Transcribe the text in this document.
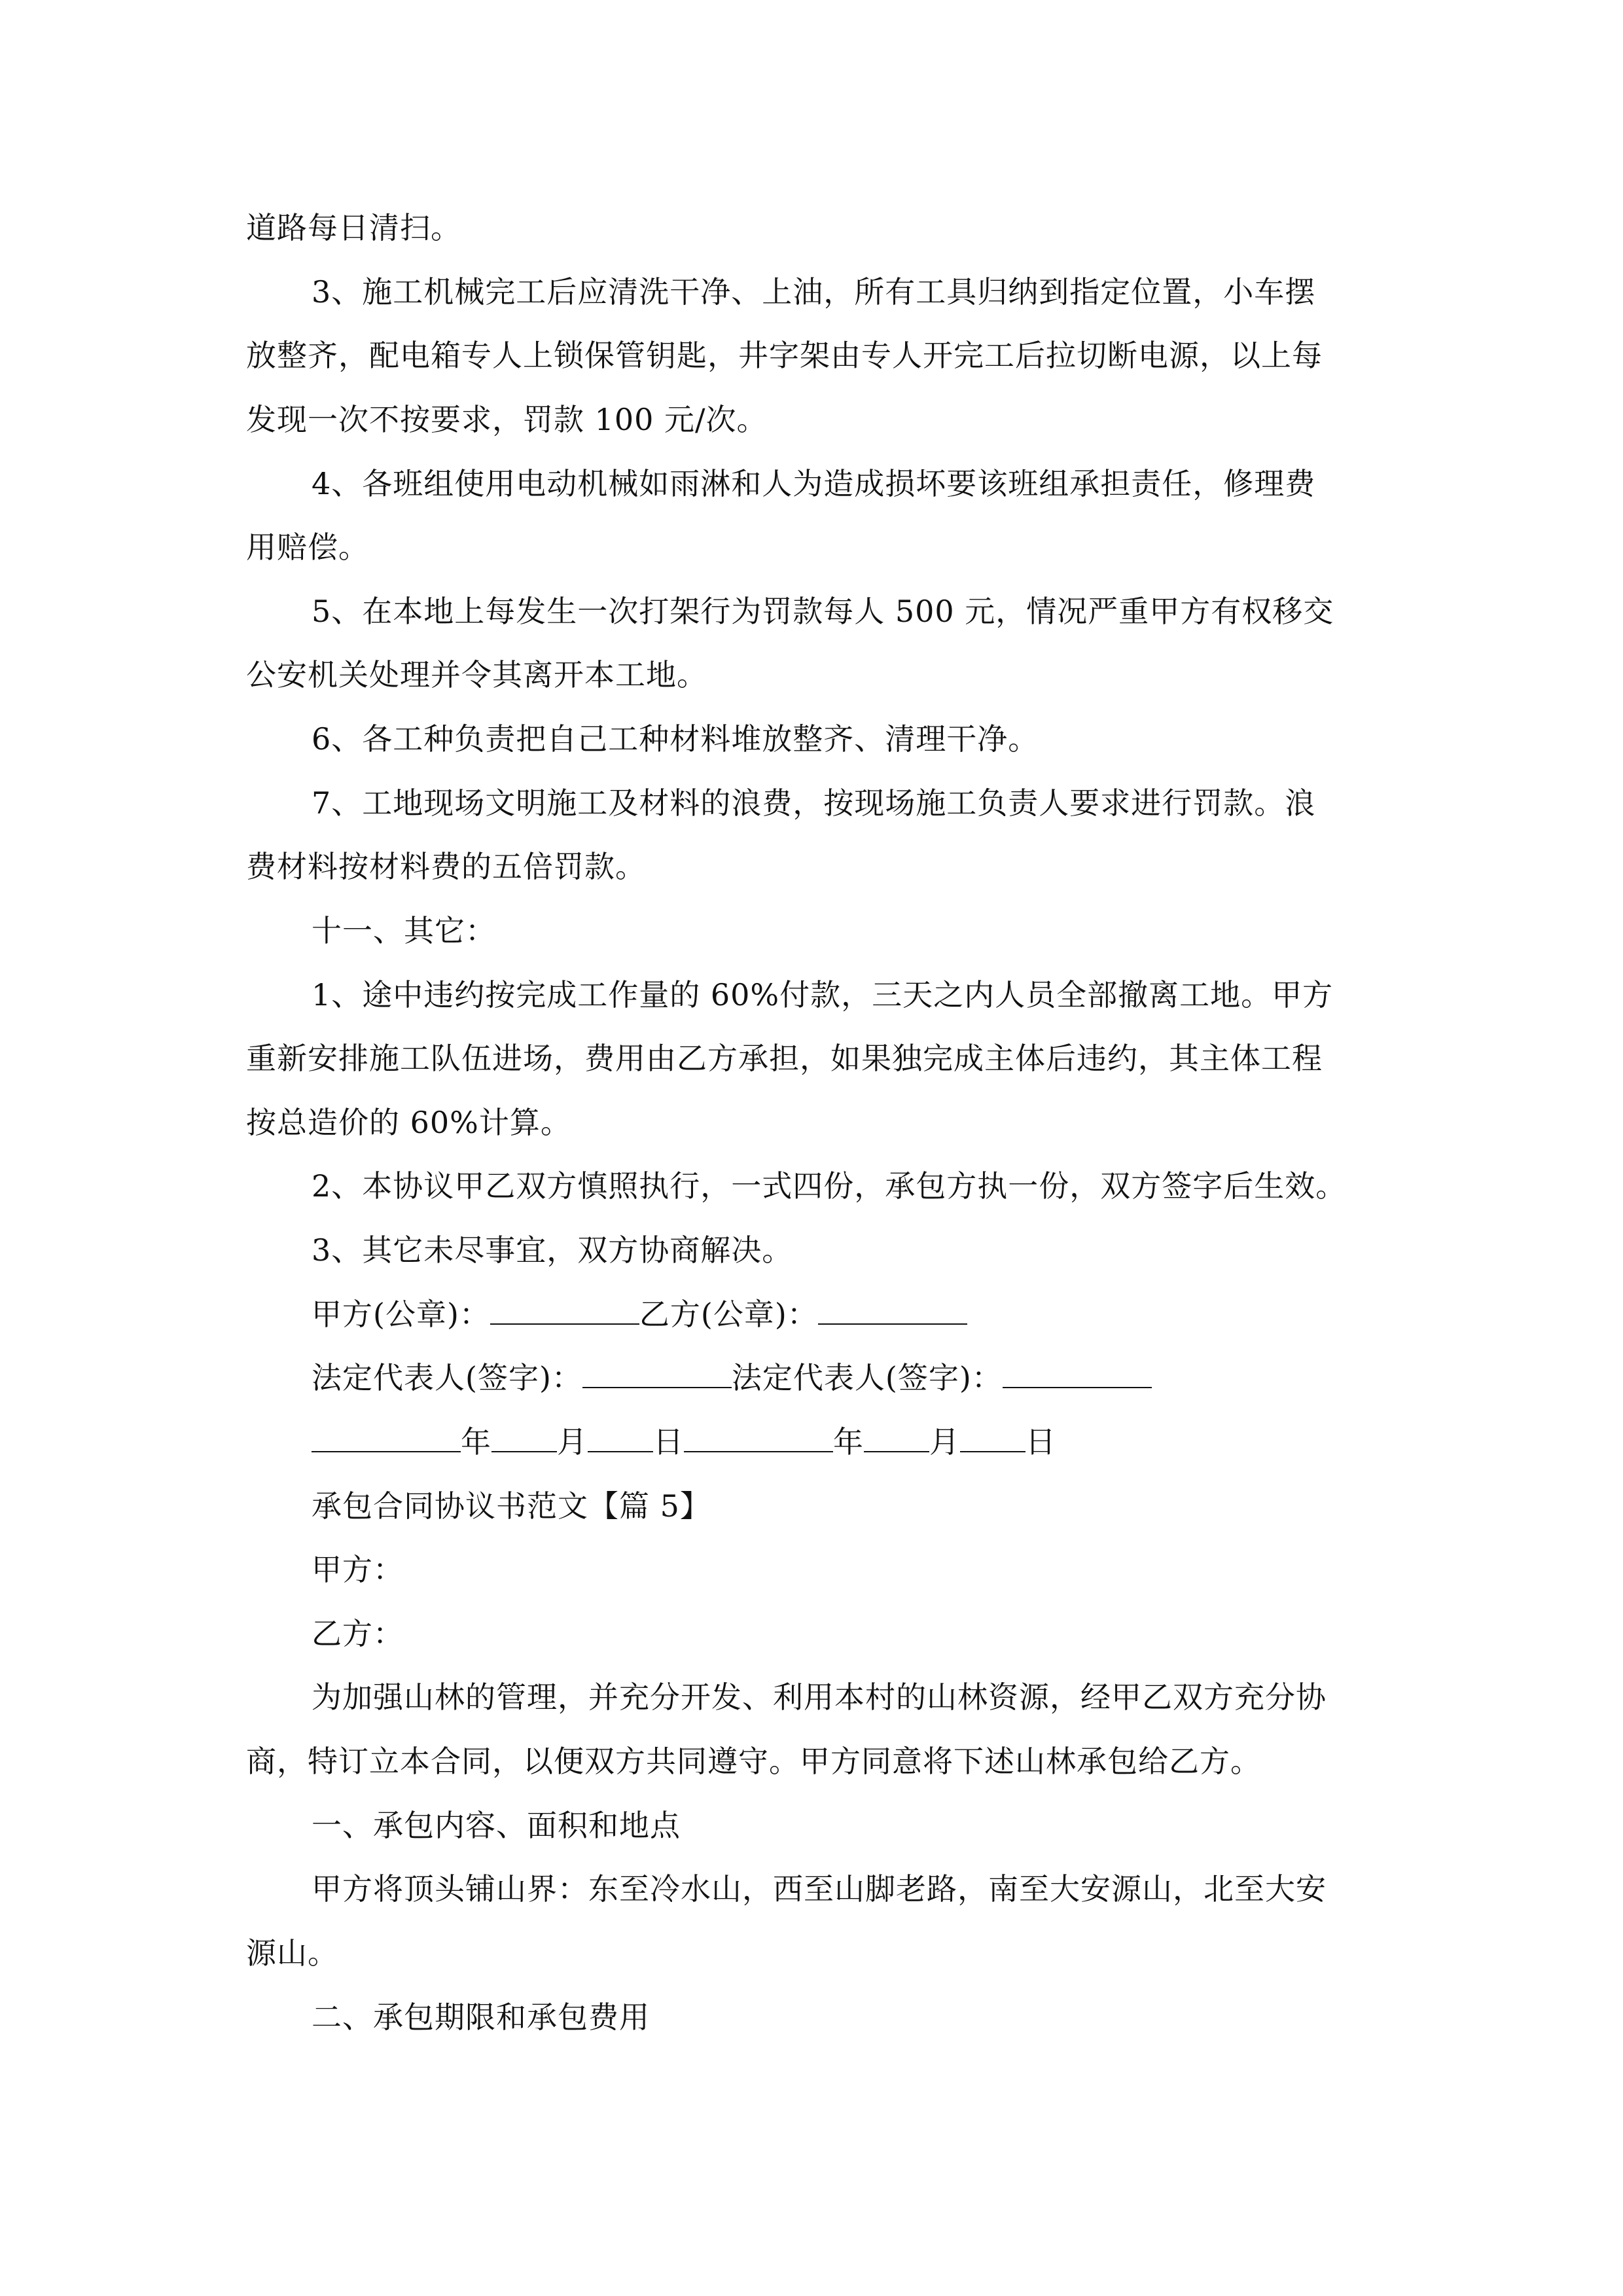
道路每日清扫。
3、施工机械完工后应清洗干净、上油，所有工具归纳到指定位置，小车摆
放整齐，配电箱专人上锁保管钥匙，井字架由专人开完工后拉切断电源，以上每
发现一次不按要求，罚款 100 元/次。
4、各班组使用电动机械如雨淋和人为造成损坏要该班组承担责任，修理费
用赔偿。
5、在本地上每发生一次打架行为罚款每人 500 元，情况严重甲方有权移交
公安机关处理并令其离开本工地。
6、各工种负责把自己工种材料堆放整齐、清理干净。
7、工地现场文明施工及材料的浪费，按现场施工负责人要求进行罚款。浪
费材料按材料费的五倍罚款。
十一、其它：
1、途中违约按完成工作量的 60%付款，三天之内人员全部撤离工地。甲方
重新安排施工队伍进场，费用由乙方承担，如果独完成主体后违约，其主体工程
按总造价的 60%计算。
2、本协议甲乙双方慎照执行，一式四份，承包方执一份，双方签字后生效。
3、其它未尽事宜，双方协商解决。
甲方(公章)：	乙方(公章)：
法定代表人(签字)：	法定代表人(签字)：
年 月 日	年 月 日
承包合同协议书范文【篇 5】
甲方：
乙方：
为加强山林的管理，并充分开发、利用本村的山林资源，经甲乙双方充分协
商，特订立本合同，以便双方共同遵守。甲方同意将下述山林承包给乙方。
一、承包内容、面积和地点
甲方将顶头铺山界：东至冷水山，西至山脚老路，南至大安源山，北至大安
源山。
二、承包期限和承包费用
